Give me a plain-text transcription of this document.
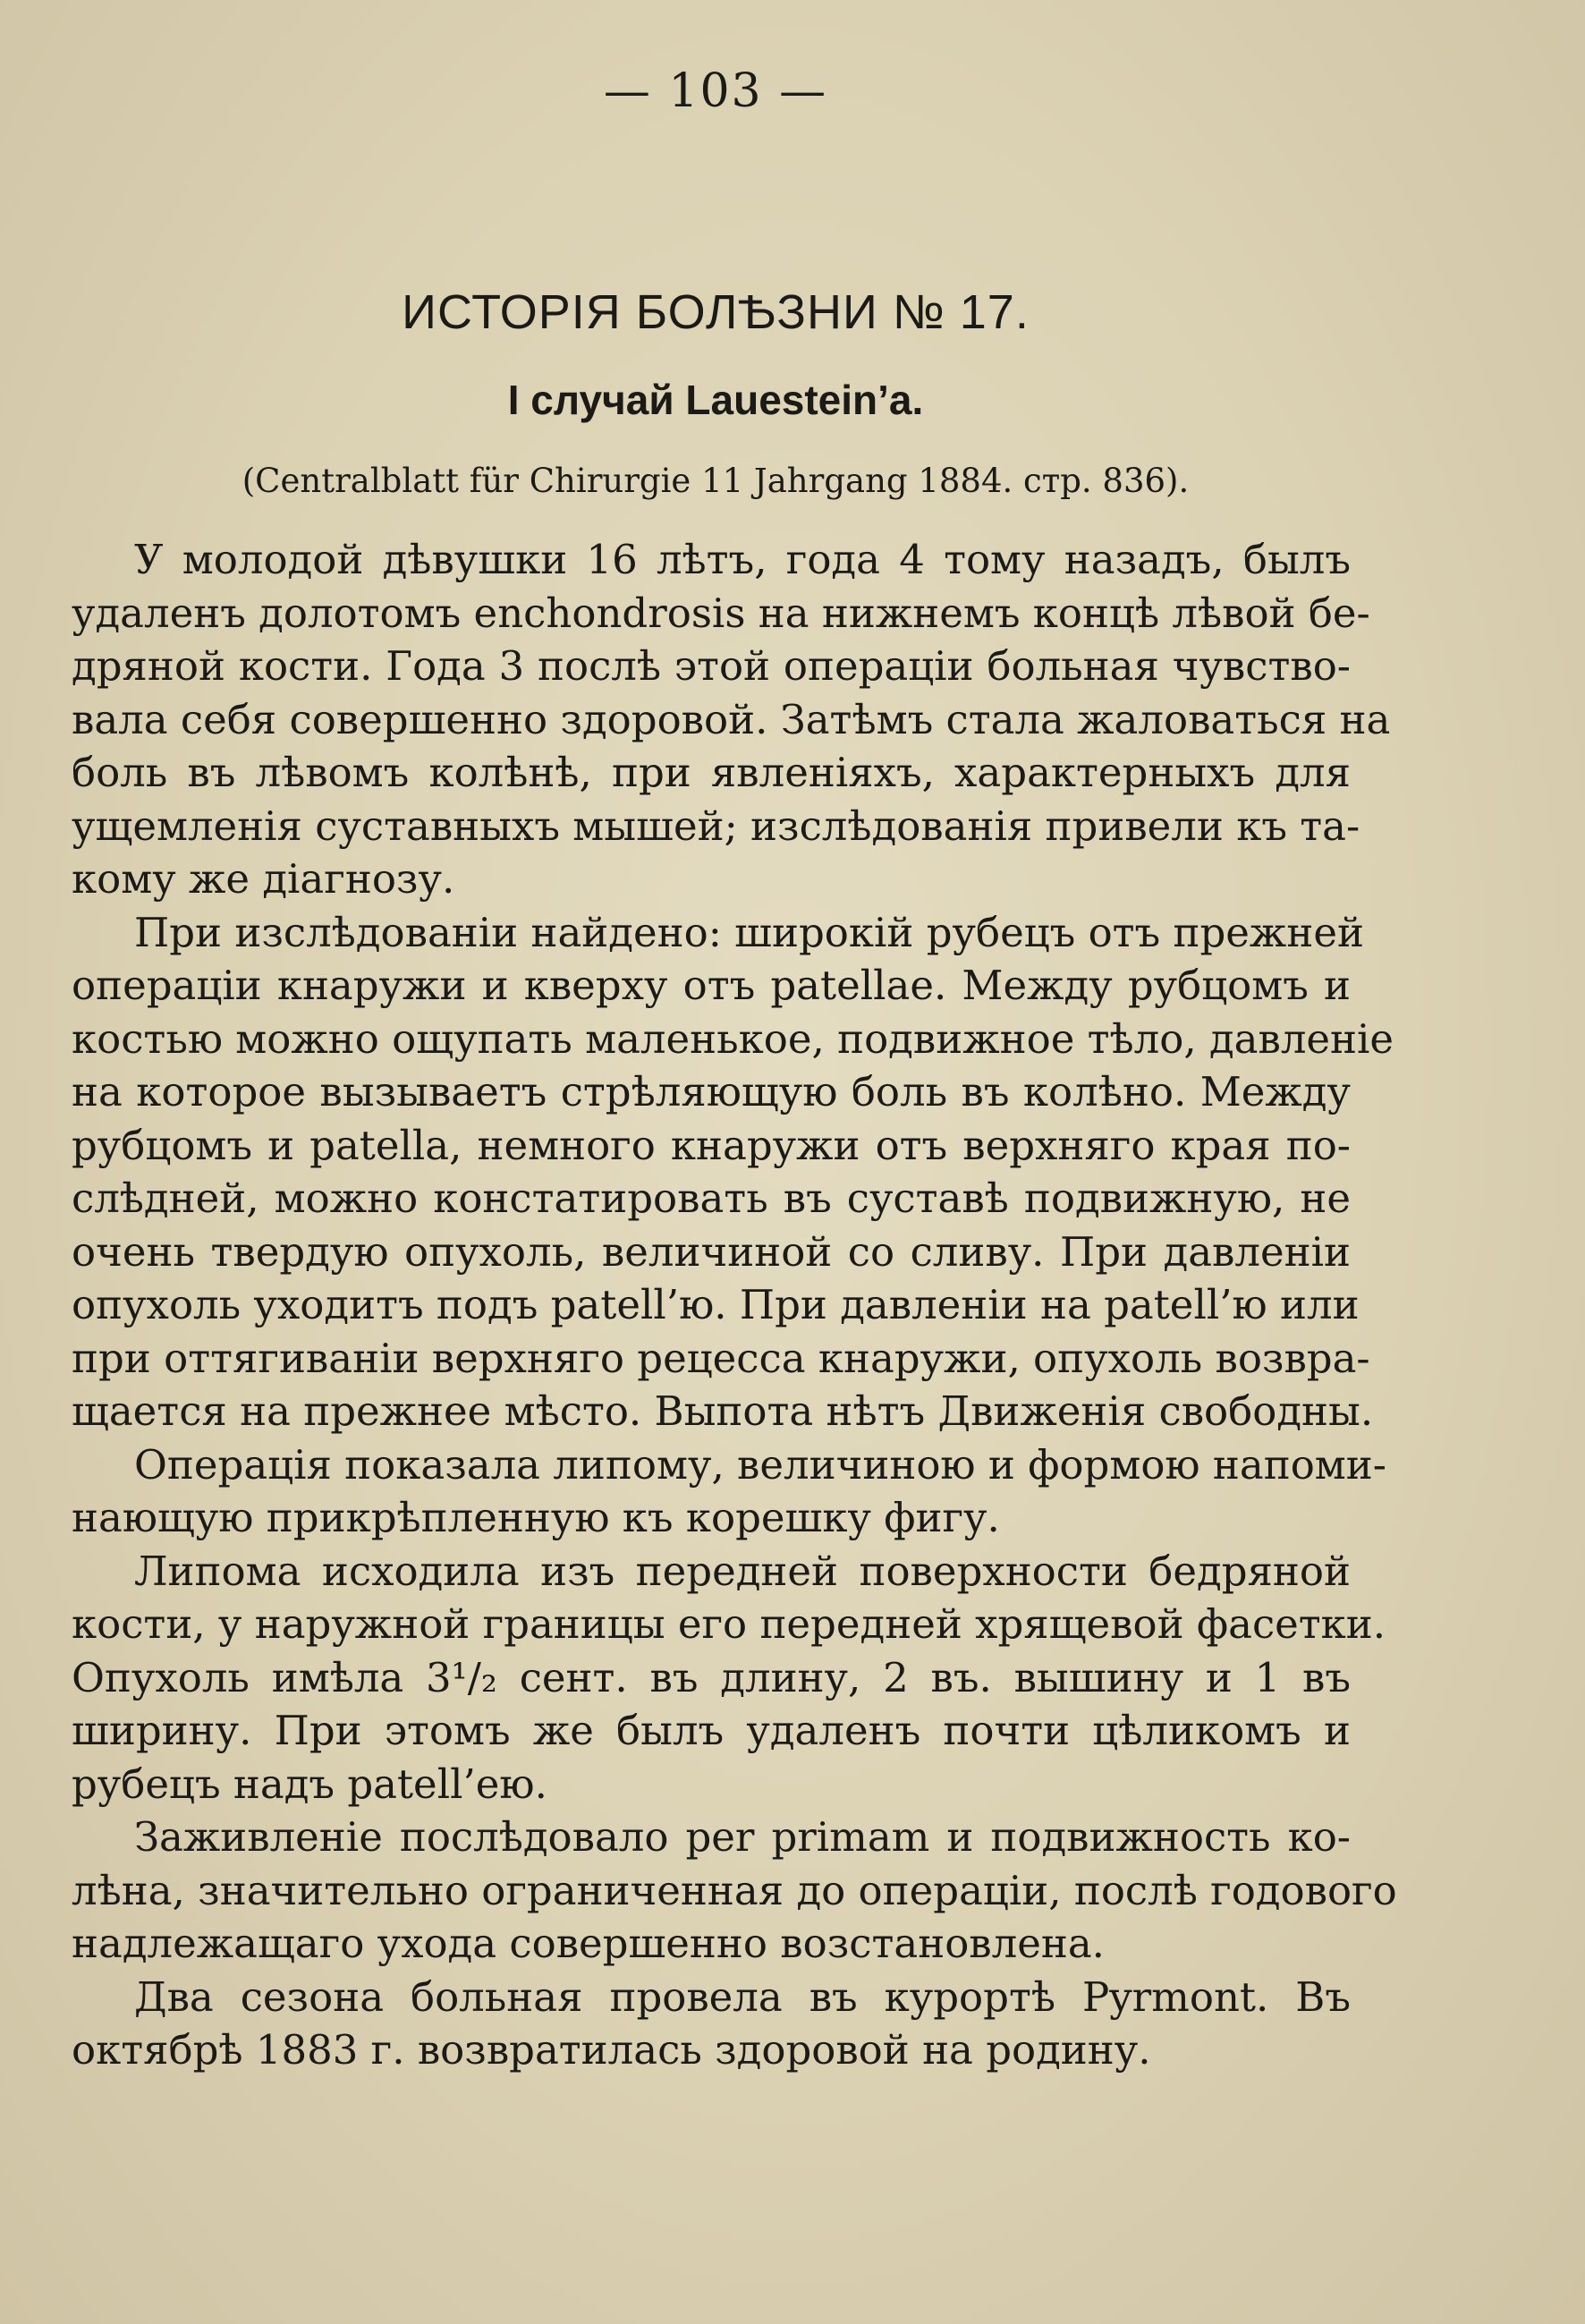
— 103 —
ИСТОРІЯ БОЛѢЗНИ № 17.
I случай Lauestein’a.
(Centralblatt für Chirurgie 11 Jahrgang 1884. стр. 836).

У молодой дѣвушки 16 лѣтъ, года 4 тому назадъ, былъ
удаленъ долотомъ enchondrosis на нижнемъ концѣ лѣвой бе-
дряной кости. Года 3 послѣ этой операціи больная чувство-
вала себя совершенно здоровой. Затѣмъ стала жаловаться на
боль въ лѣвомъ колѣнѣ, при явленіяхъ, характерныхъ для
ущемленія суставныхъ мышей; изслѣдованія привели къ та-
кому же діагнозу.

При изслѣдованіи найдено: широкій рубецъ отъ прежней
операціи кнаружи и кверху отъ patellae. Между рубцомъ и
костью можно ощупать маленькое, подвижное тѣло, давленіе
на которое вызываетъ стрѣляющую боль въ колѣно. Между
рубцомъ и patella, немного кнаружи отъ верхняго края по-
слѣдней, можно констатировать въ суставѣ подвижную, не
очень твердую опухоль, величиной со сливу. При давленіи
опухоль уходитъ подъ patell’ю. При давленіи на patell’ю или
при оттягиваніи верхняго рецесса кнаружи, опухоль возвра-
щается на прежнее мѣсто. Выпота нѣтъ Движенія свободны.

Операція показала липому, величиною и формою напоми-
нающую прикрѣпленную къ корешку фигу.

Липома исходила изъ передней поверхности бедряной
кости, у наружной границы его передней хрящевой фасетки.
Опухоль имѣла 3¹/₂ сент. въ длину, 2 въ. вышину и 1 въ
ширину. При этомъ же былъ удаленъ почти цѣликомъ и
рубецъ надъ patell’ею.

Заживленіе послѣдовало per primam и подвижность ко-
лѣна, значительно ограниченная до операціи, послѣ годового
надлежащаго ухода совершенно возстановлена.

Два сезона больная провела въ курортѣ Pyrmont. Въ
октябрѣ 1883 г. возвратилась здоровой на родину.
